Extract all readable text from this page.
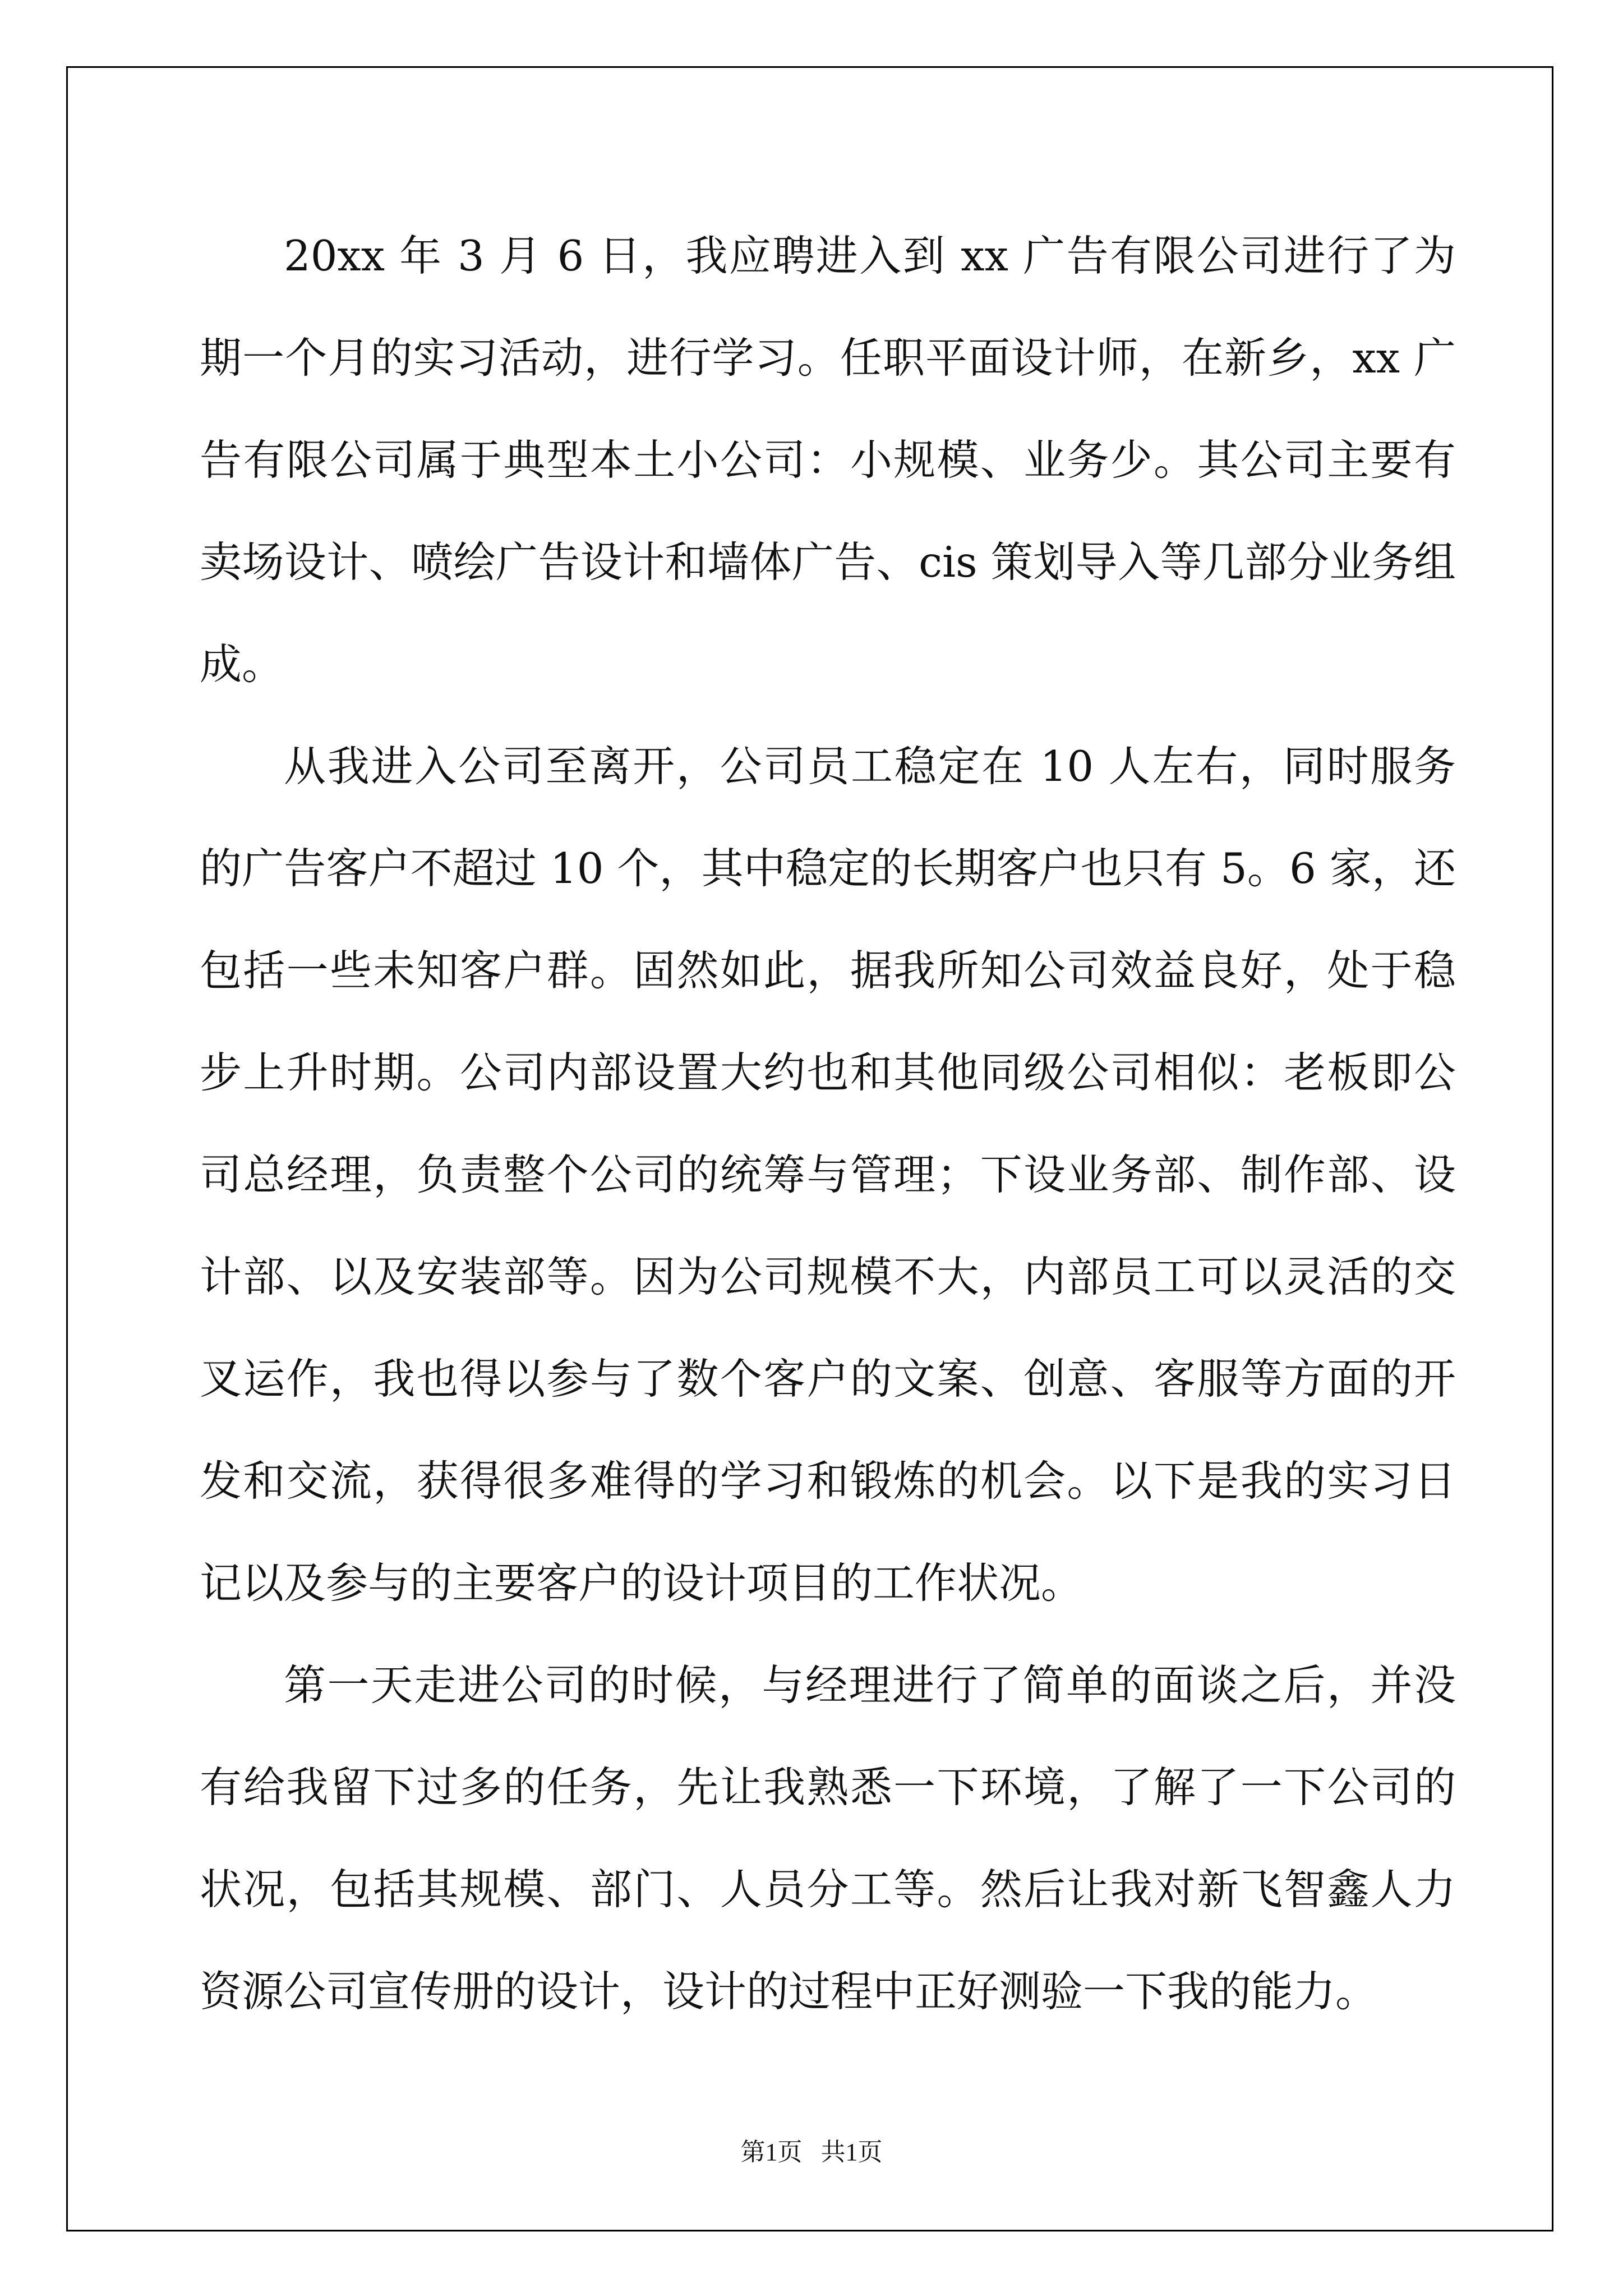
20xx 年 3 月 6 日，我应聘进入到 xx 广告有限公司进行了为期一个月的实习活动，进行学习。任职平面设计师，在新乡，xx 广告有限公司属于典型本土小公司：小规模、业务少。其公司主要有卖场设计、喷绘广告设计和墙体广告、cis 策划导入等几部分业务组成。

从我进入公司至离开，公司员工稳定在 10 人左右，同时服务的广告客户不超过 10 个，其中稳定的长期客户也只有 5。6 家，还包括一些未知客户群。固然如此，据我所知公司效益良好，处于稳步上升时期。公司内部设置大约也和其他同级公司相似：老板即公司总经理，负责整个公司的统筹与管理；下设业务部、制作部、设计部、以及安装部等。因为公司规模不大，内部员工可以灵活的交叉运作，我也得以参与了数个客户的文案、创意、客服等方面的开发和交流，获得很多难得的学习和锻炼的机会。以下是我的实习日记以及参与的主要客户的设计项目的工作状况。

第一天走进公司的时候，与经理进行了简单的面谈之后，并没有给我留下过多的任务，先让我熟悉一下环境，了解了一下公司的状况，包括其规模、部门、人员分工等。然后让我对新飞智鑫人力资源公司宣传册的设计，设计的过程中正好测验一下我的能力。

第1页   共1页
